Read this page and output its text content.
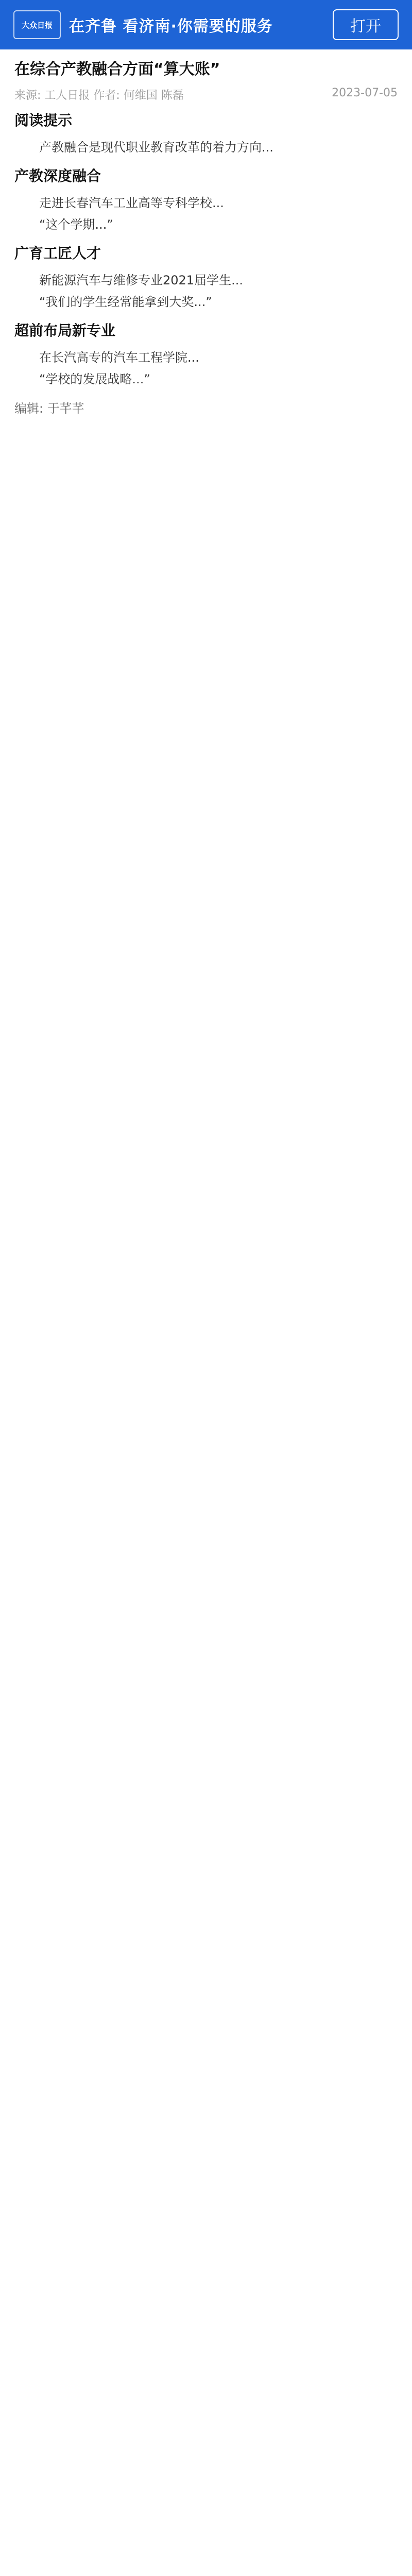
大众日报	在齐鲁 看济南·你需要的服务	打开
在综合产教融合方面“算大账”
来源: 工人日报 作者: 何维国 陈磊	2023-07-05
阅读提示

产教融合是现代职业教育改革的着力方向...

产教深度融合

走进长春汽车工业高等专科学校...

“这个学期...”

广育工匠人才

新能源汽车与维修专业2021届学生...

“我们的学生经常能拿到大奖...”

超前布局新专业

在长汽高专的汽车工程学院...

“学校的发展战略...”

编辑: 于芊芊
